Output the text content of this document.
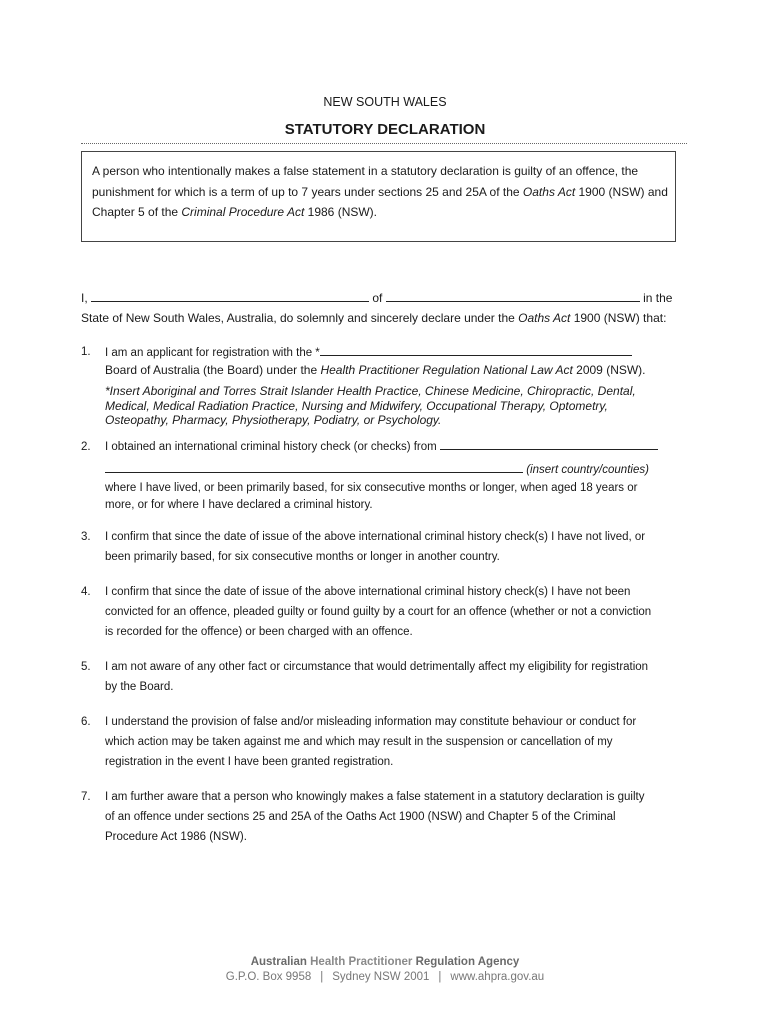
NEW SOUTH WALES
STATUTORY DECLARATION
A person who intentionally makes a false statement in a statutory declaration is guilty of an offence, the
punishment for which is a term of up to 7 years under sections 25 and 25A of the Oaths Act 1900 (NSW) and
Chapter 5 of the Criminal Procedure Act 1986 (NSW).
I,	of	in the
State of New South Wales, Australia, do solemnly and sincerely declare under the Oaths Act 1900 (NSW) that:
1.	I am an applicant for registration with the *
Board of Australia (the Board) under the Health Practitioner Regulation National Law Act 2009 (NSW).
*Insert Aboriginal and Torres Strait Islander Health Practice, Chinese Medicine, Chiropractic, Dental,
Medical, Medical Radiation Practice, Nursing and Midwifery, Occupational Therapy, Optometry,
Osteopathy, Pharmacy, Physiotherapy, Podiatry, or Psychology.
2.	I obtained an international criminal history check (or checks) from
(insert country/counties)
where I have lived, or been primarily based, for six consecutive months or longer, when aged 18 years or
more, or for where I have declared a criminal history.
3.	I confirm that since the date of issue of the above international criminal history check(s) I have not lived, or
been primarily based, for six consecutive months or longer in another country.
4.	I confirm that since the date of issue of the above international criminal history check(s) I have not been
convicted for an offence, pleaded guilty or found guilty by a court for an offence (whether or not a conviction
is recorded for the offence) or been charged with an offence.
5.	I am not aware of any other fact or circumstance that would detrimentally affect my eligibility for registration
by the Board.
6.	I understand the provision of false and/or misleading information may constitute behaviour or conduct for
which action may be taken against me and which may result in the suspension or cancellation of my
registration in the event I have been granted registration.
7.	I am further aware that a person who knowingly makes a false statement in a statutory declaration is guilty
of an offence under sections 25 and 25A of the Oaths Act 1900 (NSW) and Chapter 5 of the Criminal
Procedure Act 1986 (NSW).
Australian Health Practitioner Regulation Agency
G.P.O. Box 9958 | Sydney NSW 2001 | www.ahpra.gov.au
